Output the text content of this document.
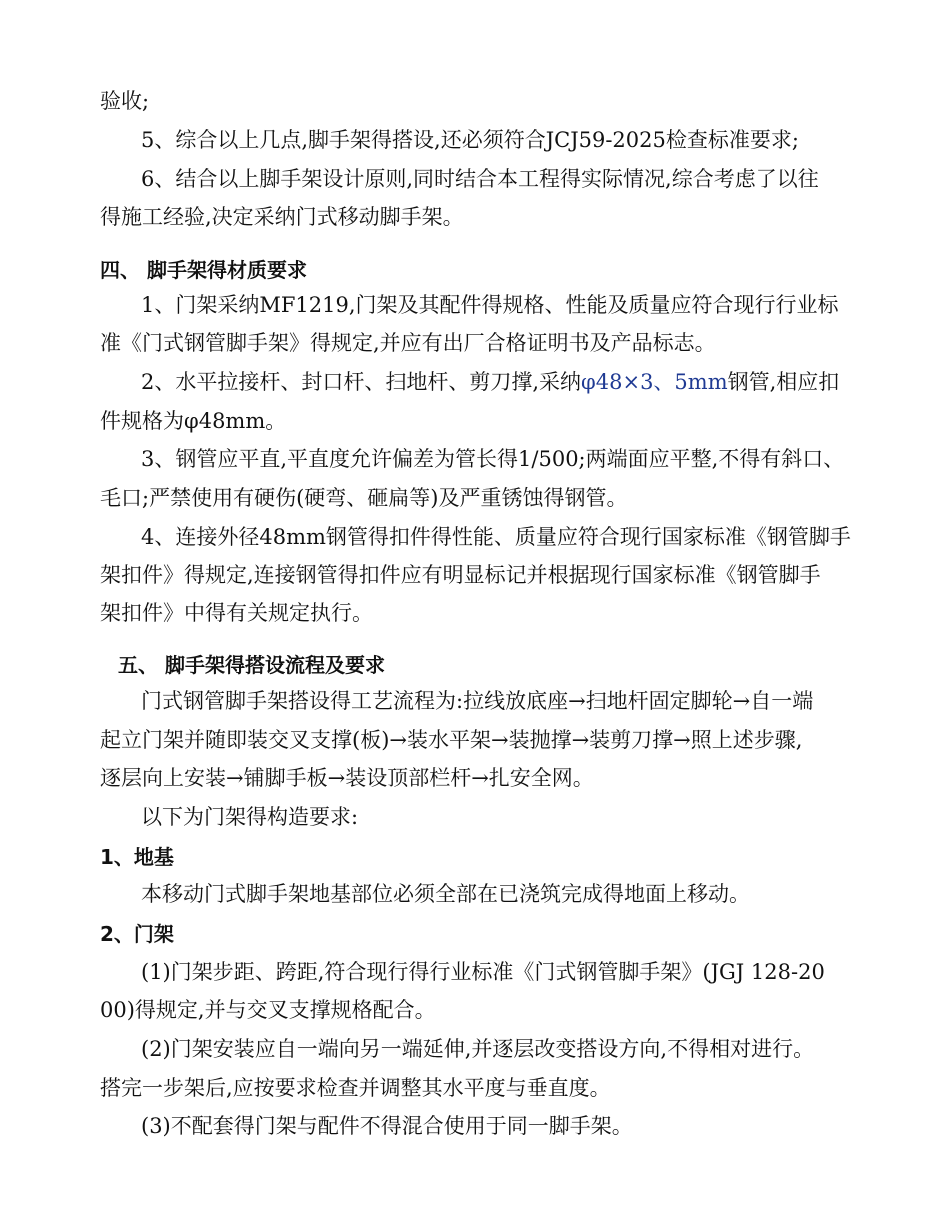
验收;
5、综合以上几点,脚手架得搭设,还必须符合JCJ59-2025检查标准要求;
6、结合以上脚手架设计原则,同时结合本工程得实际情况,综合考虑了以往
得施工经验,决定采纳门式移动脚手架。
四、 脚手架得材质要求
1、门架采纳MF1219,门架及其配件得规格、性能及质量应符合现行行业标
准《门式钢管脚手架》得规定,并应有出厂合格证明书及产品标志。
2、水平拉接杆、封口杆、扫地杆、剪刀撑,采纳φ48×3、5mm钢管,相应扣
件规格为φ48mm。
3、钢管应平直,平直度允许偏差为管长得1/500;两端面应平整,不得有斜口、
毛口;严禁使用有硬伤(硬弯、砸扁等)及严重锈蚀得钢管。
4、连接外径48mm钢管得扣件得性能、质量应符合现行国家标准《钢管脚手
架扣件》得规定,连接钢管得扣件应有明显标记并根据现行国家标准《钢管脚手
架扣件》中得有关规定执行。
五、 脚手架得搭设流程及要求
门式钢管脚手架搭设得工艺流程为:拉线放底座→扫地杆固定脚轮→自一端
起立门架并随即装交叉支撑(板)→装水平架→装抛撑→装剪刀撑→照上述步骤,
逐层向上安装→铺脚手板→装设顶部栏杆→扎安全网。
以下为门架得构造要求:
1、地基
本移动门式脚手架地基部位必须全部在已浇筑完成得地面上移动。
2、门架
(1)门架步距、跨距,符合现行得行业标准《门式钢管脚手架》(JGJ 128-20
00)得规定,并与交叉支撑规格配合。
(2)门架安装应自一端向另一端延伸,并逐层改变搭设方向,不得相对进行。
搭完一步架后,应按要求检查并调整其水平度与垂直度。
(3)不配套得门架与配件不得混合使用于同一脚手架。
